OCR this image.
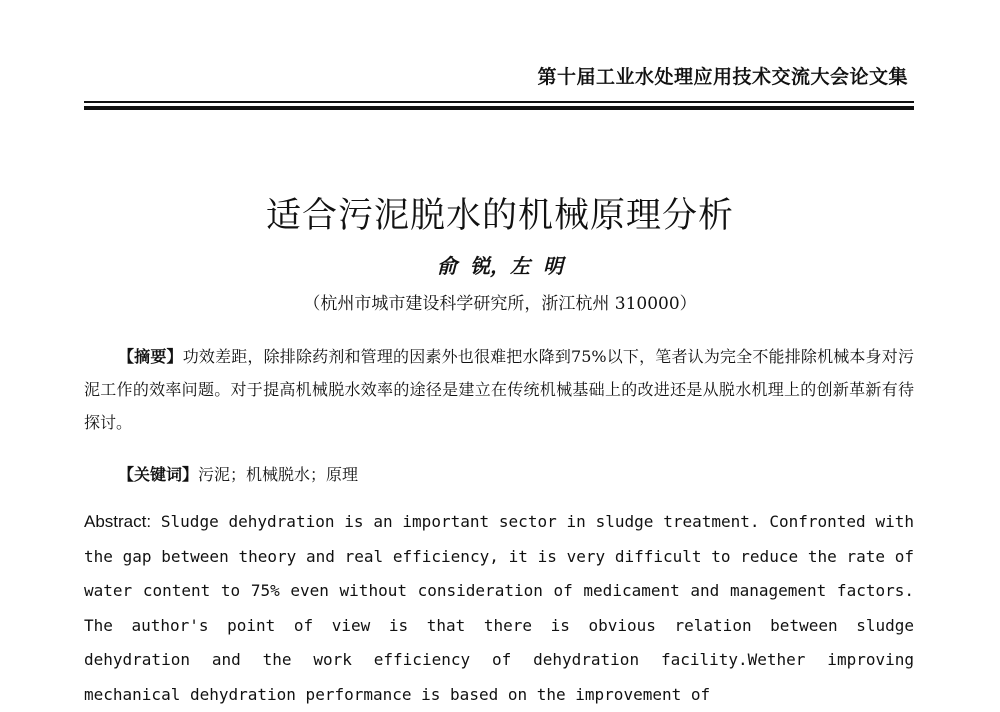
第十届工业水处理应用技术交流大会论文集
适合污泥脱水的机械原理分析
俞 锐，左 明
（杭州市城市建设科学研究所，浙江杭州 310000）
【摘要】功效差距，除排除药剂和管理的因素外也很难把水降到75%以下，笔者认为完全不能排除机械本身对污泥工作的效率问题。对于提高机械脱水效率的途径是建立在传统机械基础上的改进还是从脱水机理上的创新革新有待探讨。
【关键词】污泥；机械脱水；原理
Abstract: Sludge dehydration is an important sector in sludge treatment. Confronted with the gap between theory and real efficiency, it is very difficult to reduce the rate of water content to 75% even without consideration of medicament and management factors. The author's point of view is that there is obvious relation between sludge dehydration and the work efficiency of dehydration facility.Wether improving mechanical dehydration performance is based on the improvement of
